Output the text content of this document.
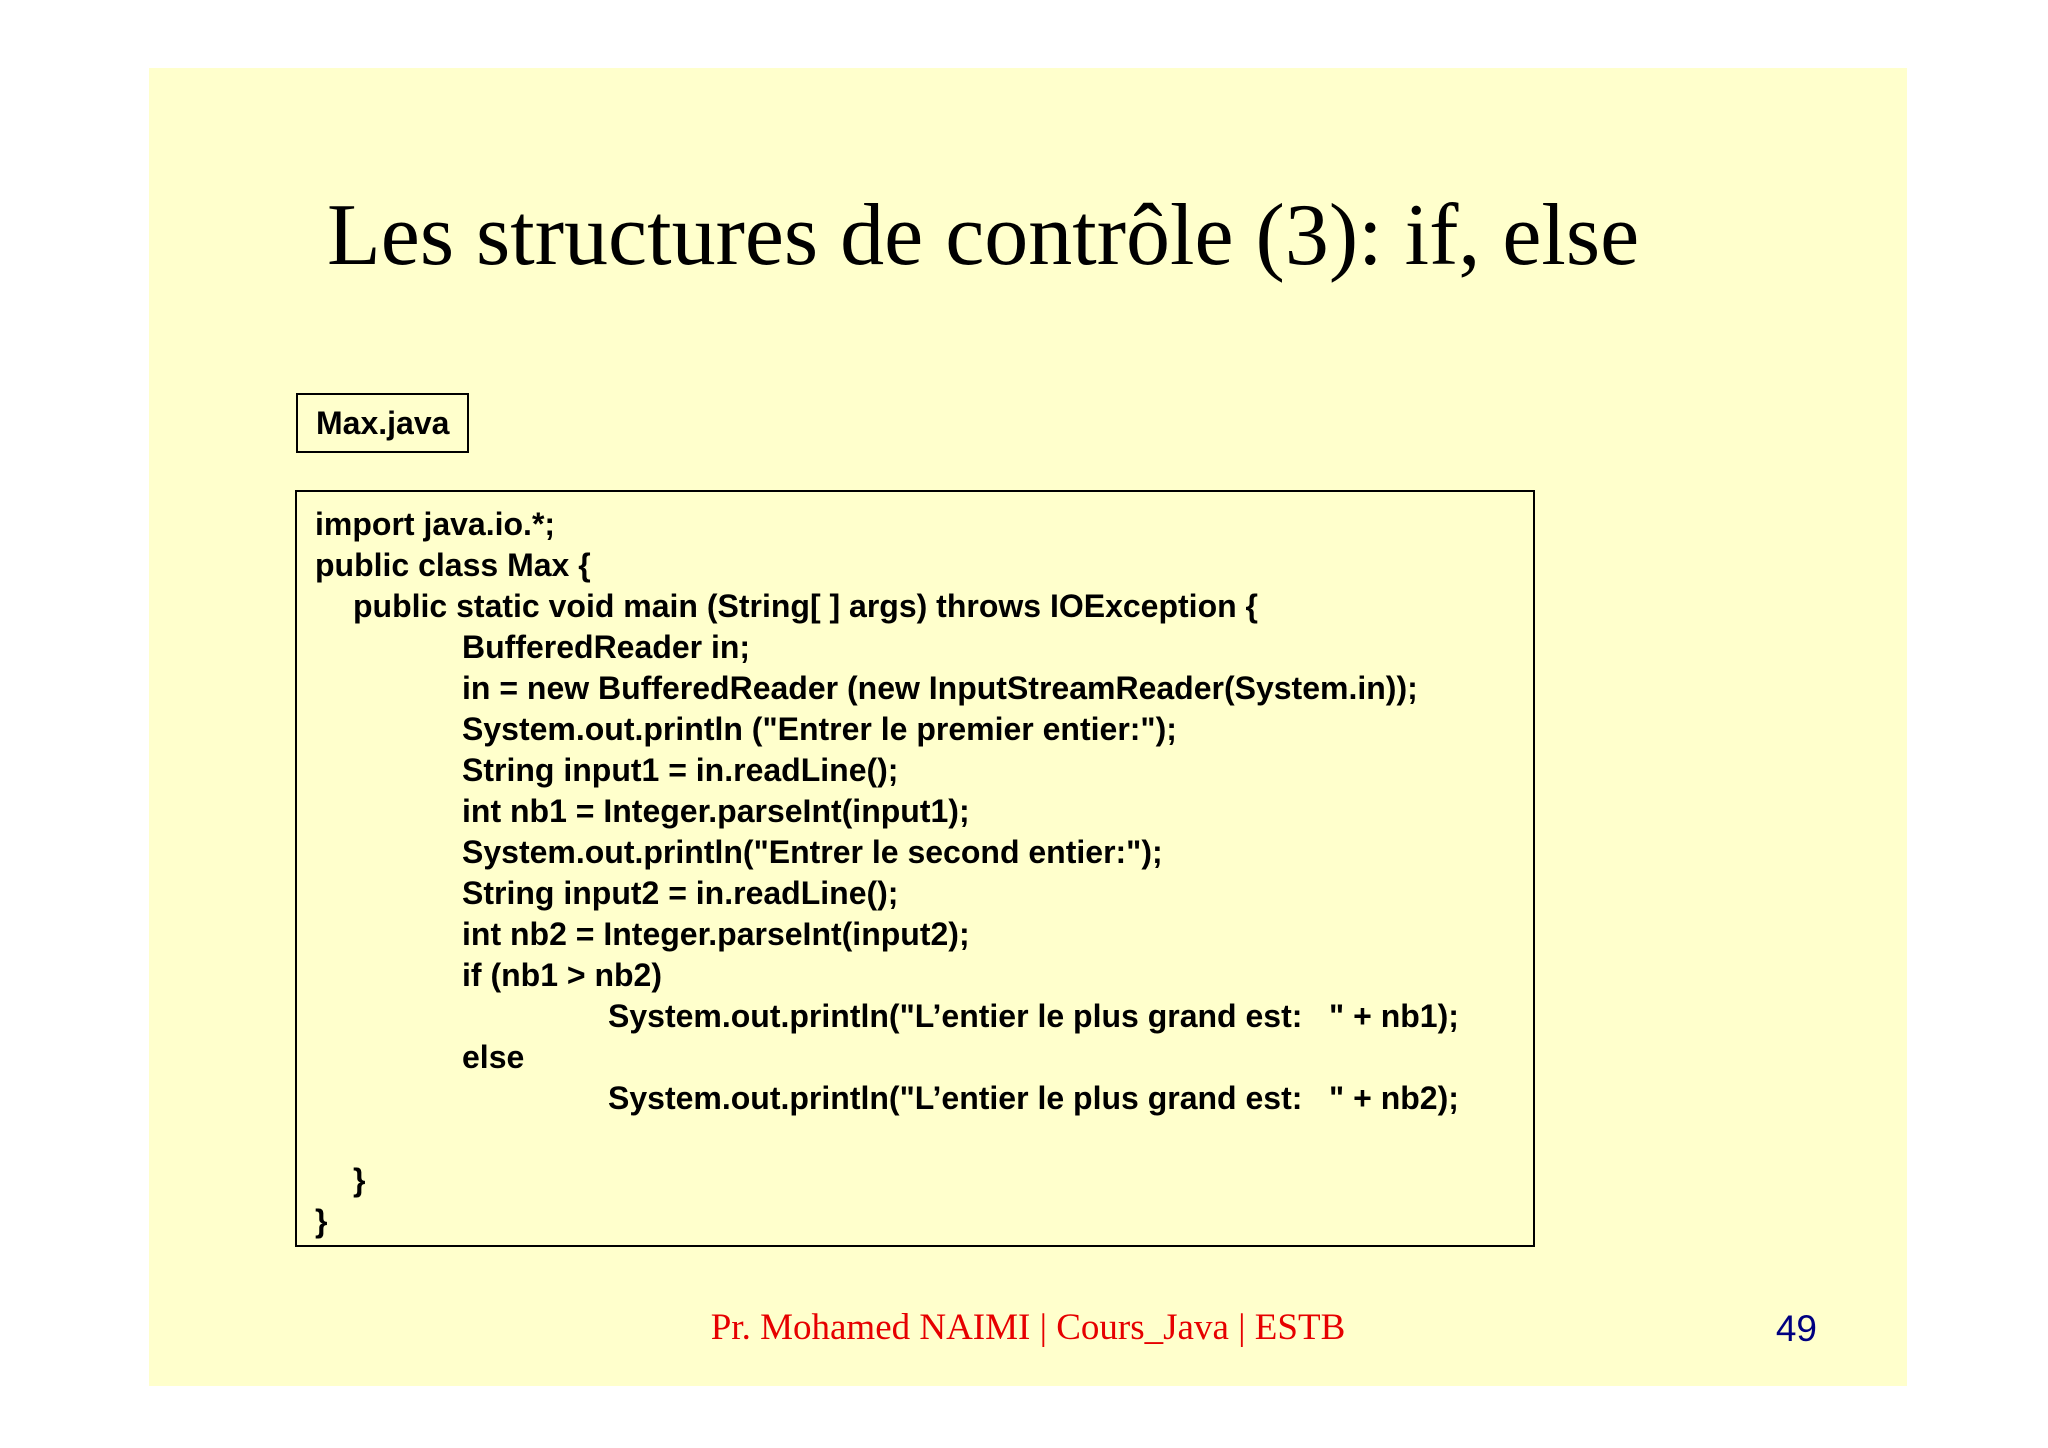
Les structures de contrôle (3): if, else
Max.java
import java.io.*;
public class Max {
public static void main (String[ ] args) throws IOException {
BufferedReader in;
in = new BufferedReader (new InputStreamReader(System.in));
System.out.println ("Entrer le premier entier:");
String input1 = in.readLine();
int nb1 = Integer.parseInt(input1);
System.out.println("Entrer le second entier:");
String input2 = in.readLine();
int nb2 = Integer.parseInt(input2);
if (nb1 > nb2)
System.out.println("L’entier le plus grand est:   " + nb1);
else
System.out.println("L’entier le plus grand est:   " + nb2);
}
}

Pr. Mohamed NAIMI | Cours_Java | ESTB	49
